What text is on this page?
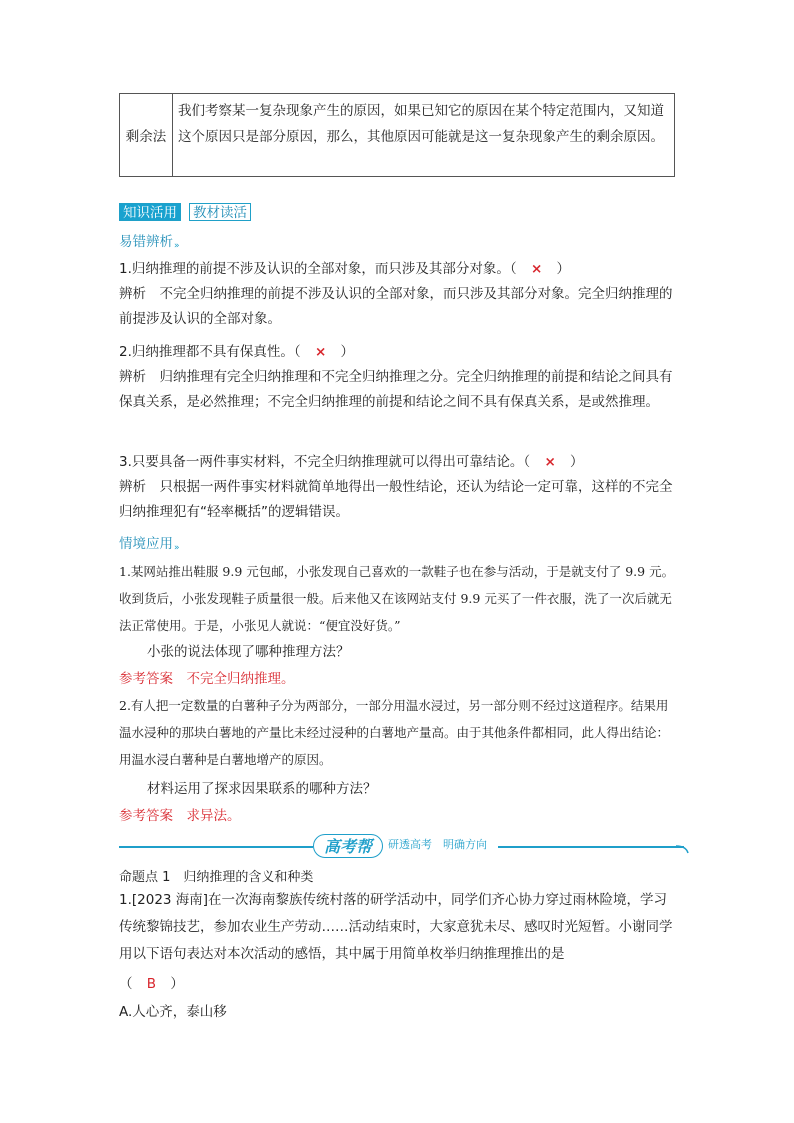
剩余法
我们考察某一复杂现象产生的原因，如果已知它的原因在某个特定范围内，又知道这个原因只是部分原因，那么，其他原因可能就是这一复杂现象产生的剩余原因。
知识活用 教材读活
易错辨析»
1.归纳推理的前提不涉及认识的全部对象，而只涉及其部分对象。（ × ）
辨析　 不完全归纳推理的前提不涉及认识的全部对象，而只涉及其部分对象。完全归纳推理的前提涉及认识的全部对象。
2.归纳推理都不具有保真性。（ × ）
辨析　 归纳推理有完全归纳推理和不完全归纳推理之分。完全归纳推理的前提和结论之间具有保真关系，是必然推理；不完全归纳推理的前提和结论之间不具有保真关系，是或然推理。
3.只要具备一两件事实材料，不完全归纳推理就可以得出可靠结论。（ × ）
辨析　 只根据一两件事实材料就简单地得出一般性结论，还认为结论一定可靠，这样的不完全归纳推理犯有“轻率概括”的逻辑错误。
情境应用»
1.某网站推出鞋服 9.9 元包邮，小张发现自己喜欢的一款鞋子也在参与活动，于是就支付了 9.9 元。收到货后，小张发现鞋子质量很一般。后来他又在该网站支付 9.9 元买了一件衣服，洗了一次后就无法正常使用。于是，小张见人就说：“便宜没好货。”
小张的说法体现了哪种推理方法？
参考答案　 不完全归纳推理。
2.有人把一定数量的白薯种子分为两部分，一部分用温水浸过，另一部分则不经过这道程序。结果用温水浸种的那块白薯地的产量比未经过浸种的白薯地产量高。由于其他条件都相同，此人得出结论：用温水浸白薯种是白薯地增产的原因。
材料运用了探求因果联系的哪种方法？
参考答案　 求异法。
高考帮	研透高考　明确方向
命题点 1　 归纳推理的含义和种类
1.[2023 海南]在一次海南黎族传统村落的研学活动中，同学们齐心协力穿过雨林险境，学习传统黎锦技艺，参加农业生产劳动……活动结束时，大家意犹未尽、感叹时光短暂。小谢同学用以下语句表达对本次活动的感悟，其中属于用简单枚举归纳推理推出的是
（ B ）
A.人心齐，泰山移
